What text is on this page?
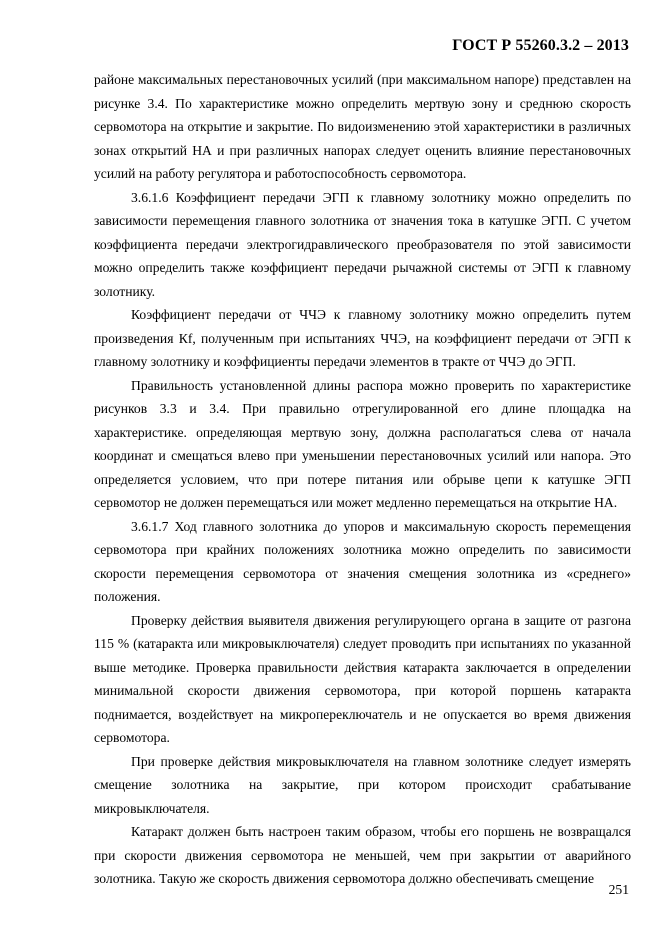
ГОСТ Р 55260.3.2 – 2013

районе максимальных перестановочных усилий (при максимальном напоре) представлен на рисунке 3.4. По характеристике можно определить мертвую зону и среднюю скорость сервомотора на открытие и закрытие. По видоизменению этой характеристики в различных зонах открытий НА и при различных напорах следует оценить влияние перестановочных усилий на работу регулятора и работоспособность сервомотора.

3.6.1.6 Коэффициент передачи ЭГП к главному золотнику можно определить по зависимости перемещения главного золотника от значения тока в катушке ЭГП. С учетом коэффициента передачи электрогидравлического преобразователя по этой зависимости можно определить также коэффициент передачи рычажной системы от ЭГП к главному золотнику.

Коэффициент передачи от ЧЧЭ к главному золотнику можно определить путем произведения Кf, полученным при испытаниях ЧЧЭ, на коэффициент передачи от ЭГП к главному золотнику и коэффициенты передачи элементов в тракте от ЧЧЭ до ЭГП.

Правильность установленной длины распора можно проверить по характеристике рисунков 3.3 и 3.4. При правильно отрегулированной его длине площадка на характеристике. определяющая мертвую зону, должна располагаться слева от начала координат и смещаться влево при уменьшении перестановочных усилий или напора. Это определяется условием, что при потере питания или обрыве цепи к катушке ЭГП сервомотор не должен перемещаться или может медленно перемещаться на открытие НА.

3.6.1.7 Ход главного золотника до упоров и максимальную скорость перемещения сервомотора при крайних положениях золотника можно определить по зависимости скорости перемещения сервомотора от значения смещения золотника из «среднего» положения.

Проверку действия выявителя движения регулирующего органа в защите от разгона 115 % (катаракта или микровыключателя) следует проводить при испытаниях по указанной выше методике. Проверка правильности действия катаракта заключается в определении минимальной скорости движения сервомотора, при которой поршень катаракта поднимается, воздействует на микропереключатель и не опускается во время движения сервомотора.

При проверке действия микровыключателя на главном золотнике следует измерять смещение золотника на закрытие, при котором происходит срабатывание микровыключателя.

Катаракт должен быть настроен таким образом, чтобы его поршень не возвращался при скорости движения сервомотора не меньшей, чем при закрытии от аварийного золотника. Такую же скорость движения сервомотора должно обеспечивать смещение

251
